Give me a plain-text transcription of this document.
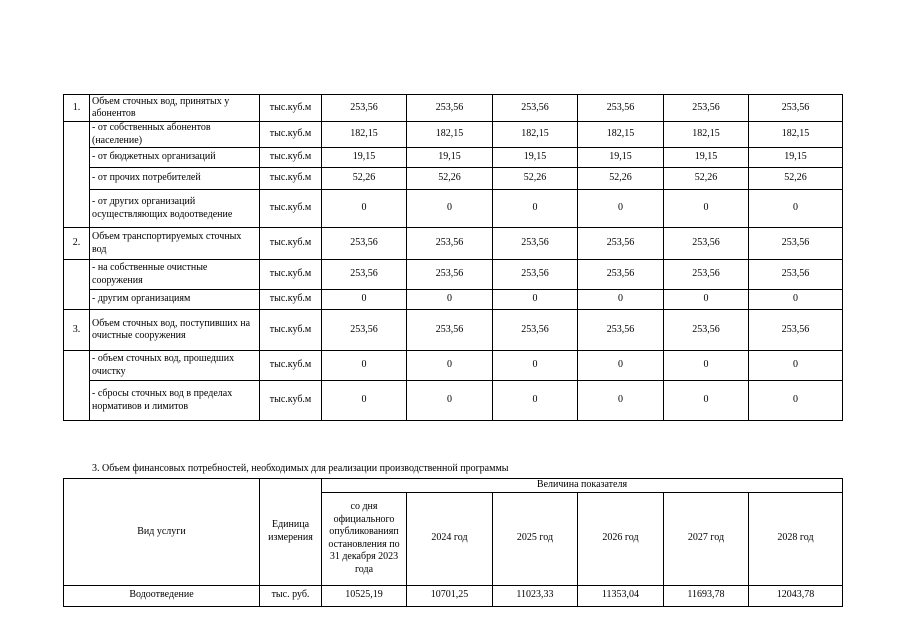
1.	Объем сточных вод, принятых у абонентов	тыс.куб.м	253,56	253,56	253,56	253,56	253,56	253,56
	- от собственных абонентов (население)	тыс.куб.м	182,15	182,15	182,15	182,15	182,15	182,15
	- от бюджетных организаций	тыс.куб.м	19,15	19,15	19,15	19,15	19,15	19,15
	- от прочих потребителей	тыс.куб.м	52,26	52,26	52,26	52,26	52,26	52,26
	- от других организаций осуществляющих водоотведение	тыс.куб.м	0	0	0	0	0	0
2.	Объем транспортируемых сточных вод	тыс.куб.м	253,56	253,56	253,56	253,56	253,56	253,56
	- на собственные очистные сооружения	тыс.куб.м	253,56	253,56	253,56	253,56	253,56	253,56
	- другим организациям	тыс.куб.м	0	0	0	0	0	0
3.	Объем сточных вод, поступивших на очистные сооружения	тыс.куб.м	253,56	253,56	253,56	253,56	253,56	253,56
	- объем сточных вод, прошедших очистку	тыс.куб.м	0	0	0	0	0	0
	- сбросы сточных вод в пределах нормативов и лимитов	тыс.куб.м	0	0	0	0	0	0
3. Объем финансовых потребностей, необходимых для реализации производственной программы
Вид услуги	Единица измерения	Величина показателя					
		со дня официального опубликованияп остановления по 31 декабря 2023 года	2024 год	2025 год	2026 год	2027 год	2028 год
Водоотведение	тыс. руб.	10525,19	10701,25	11023,33	11353,04	11693,78	12043,78
